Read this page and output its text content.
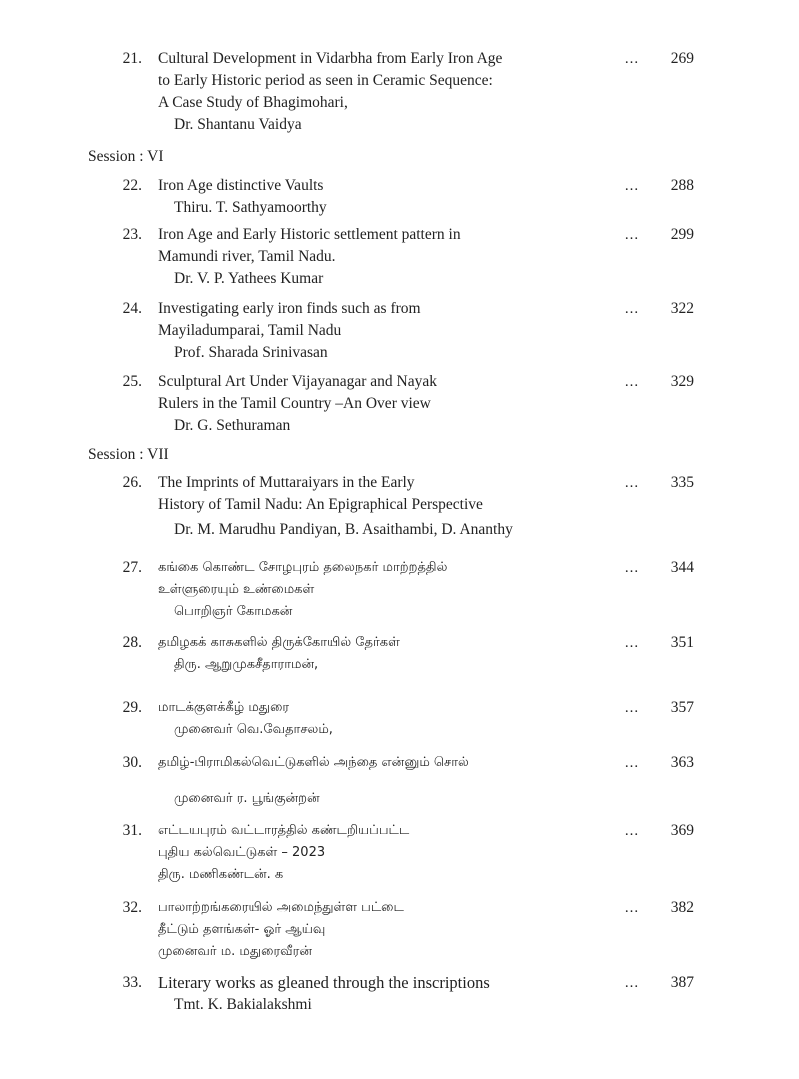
21. Cultural Development in Vidarbha from Early Iron Age
to Early Historic period as seen in Ceramic Sequence:
A Case Study of Bhagimohari,
Dr. Shantanu Vaidya
...	269
Session : VI
22. Iron Age distinctive Vaults
Thiru. T. Sathyamoorthy
...	288
23. Iron Age and Early Historic settlement pattern in
Mamundi river, Tamil Nadu.
Dr. V. P. Yathees Kumar
...	299
24. Investigating early iron finds such as from
Mayiladumparai, Tamil Nadu
Prof. Sharada Srinivasan
...	322
25. Sculptural Art Under Vijayanagar and Nayak
Rulers in the Tamil Country –An Over view
Dr. G. Sethuraman
...	329
Session : VII
26. The Imprints of Muttaraiyars in the Early
History of Tamil Nadu: An Epigraphical Perspective
Dr. M. Marudhu Pandiyan, B. Asaithambi, D. Ananthy
...	335
27. கங்கை கொண்ட சோழபுரம் தலைநகர் மாற்றத்தில்
உள்ளுரையும் உண்மைகள்
பொறிஞர் கோமகன்
...	344
28. தமிழகக் காசுகளில் திருக்கோயில் தேர்கள்
திரு. ஆறுமுகசீதாராமன்,
...	351
29. மாடக்குளக்கீழ் மதுரை
முனைவர் வெ.வேதாசலம்,
...	357
30. தமிழ்-பிராமிகல்வெட்டுகளில் அந்தை என்னும் சொல்
முனைவர் ர. பூங்குன்றன்
...	363
31. எட்டயபுரம் வட்டாரத்தில் கண்டறியப்பட்ட
புதிய கல்வெட்டுகள் – 2023
திரு. மணிகண்டன். க
...	369
32. பாலாற்றங்கரையில் அமைந்துள்ள பட்டை
தீட்டும் தளங்கள்- ஓர் ஆய்வு
முனைவர் ம. மதுரைவீரன்
...	382
33. Literary works as gleaned through the inscriptions
Tmt. K. Bakialakshmi
...	387
